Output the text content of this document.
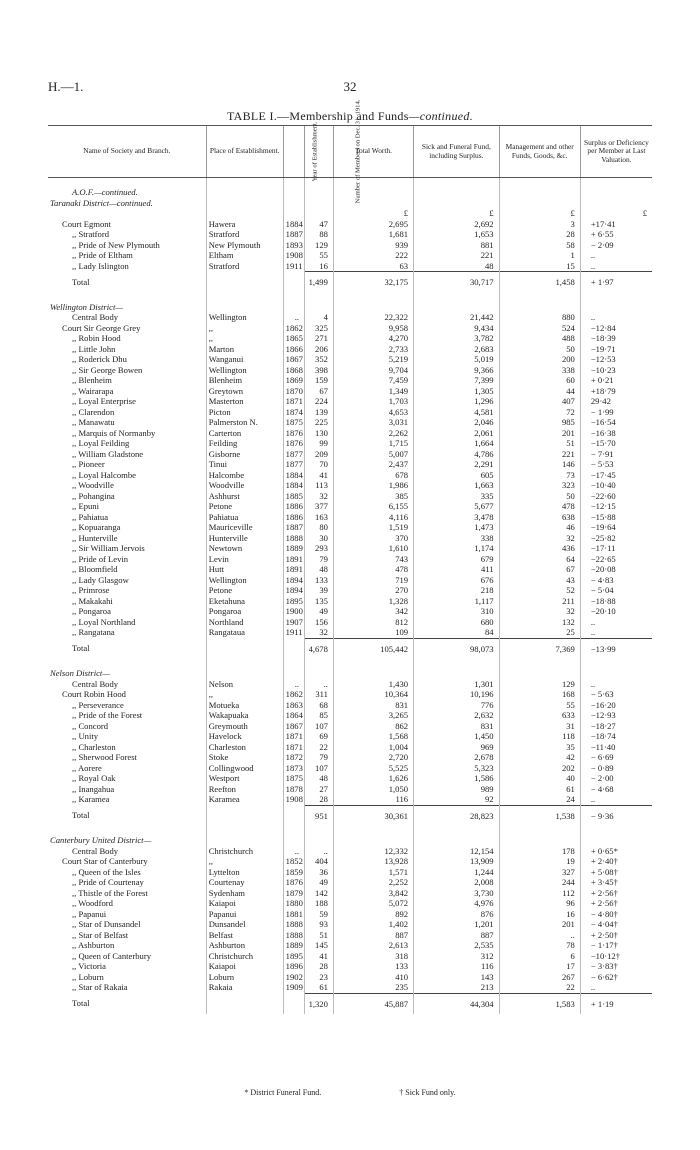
H.—1.	32
TABLE I.—Membership and Funds—continued.
Name of Society and Branch.	Place of Establishment.	Year of Establishment.	Number of Members on Dec. 31, 1914.	Total Worth.	Sick and Funeral Fund, including Surplus.	Management and other Funds, Goods, &c.	Surplus or Deficiency per Member at Last Valuation.

A.O.F.—continued.							
Taranaki District—continued.							
				£	£	£	£
Court Egmont	Hawera	1884	47	2,695	2,692	3	+17·41
,, Stratford	Stratford	1887	88	1,681	1,653	28	+ 6·55
,, Pride of New Plymouth	New Plymouth	1893	129	939	881	58	− 2·09
,, Pride of Eltham	Eltham	1908	55	222	221	1	..
,, Lady Islington	Stratford	1911	16	63	48	15	..
Total			1,499	32,175	30,717	1,458	+ 1·97

Wellington District—							
Central Body	Wellington	..	4	22,322	21,442	880	..
Court Sir George Grey	,,	1862	325	9,958	9,434	524	−12·84
,, Robin Hood	,,	1865	271	4,270	3,782	488	−18·39
,, Little John	Marton	1866	206	2,733	2,683	50	−19·71
,, Roderick Dhu	Wanganui	1867	352	5,219	5,019	200	−12·53
,, Sir George Bowen	Wellington	1868	398	9,704	9,366	338	−10·23
,, Blenheim	Blenheim	1869	159	7,459	7,399	60	+ 0·21
,, Wairarapa	Greytown	1870	67	1,349	1,305	44	+18·79
,, Loyal Enterprise	Masterton	1871	224	1,703	1,296	407	29·42
,, Clarendon	Picton	1874	139	4,653	4,581	72	− 1·99
,, Manawatu	Palmerston N.	1875	225	3,031	2,046	985	−16·54
,, Marquis of Normanby	Carterton	1876	130	2,262	2,061	201	−16·38
,, Loyal Feilding	Feilding	1876	99	1,715	1,664	51	−15·70
,, William Gladstone	Gisborne	1877	209	5,007	4,786	221	− 7·91
,, Pioneer	Tinui	1877	70	2,437	2,291	146	− 5·53
,, Loyal Halcombe	Halcombe	1884	41	678	605	73	−17·45
,, Woodville	Woodville	1884	113	1,986	1,663	323	−10·40
,, Pohangina	Ashhurst	1885	32	385	335	50	−22·60
,, Epuni	Petone	1886	377	6,155	5,677	478	−12·15
,, Pahiatua	Pahiatua	1886	163	4,116	3,478	638	−15·88
,, Kopuaranga	Mauriceville	1887	80	1,519	1,473	46	−19·64
,, Hunterville	Hunterville	1888	30	370	338	32	−25·82
,, Sir William Jervois	Newtown	1889	293	1,610	1,174	436	−17·11
,, Pride of Levin	Levin	1891	79	743	679	64	−22·65
,, Bloomfield	Hutt	1891	48	478	411	67	−20·08
,, Lady Glasgow	Wellington	1894	133	719	676	43	− 4·83
,, Primrose	Petone	1894	39	270	218	52	− 5·04
,, Makakahi	Eketahuna	1895	135	1,328	1,117	211	−18·88
,, Pongaroa	Pongaroa	1900	49	342	310	32	−20·10
,, Loyal Northland	Northland	1907	156	812	680	132	..
,, Rangatana	Rangataua	1911	32	109	84	25	..
Total			4,678	105,442	98,073	7,369	−13·99

Nelson District—							
Central Body	Nelson	..	..	1,430	1,301	129	..
Court Robin Hood	,,	1862	311	10,364	10,196	168	− 5·63
,, Perseverance	Motueka	1863	68	831	776	55	−16·20
,, Pride of the Forest	Wakapuaka	1864	85	3,265	2,632	633	−12·93
,, Concord	Greymouth	1867	107	862	831	31	−18·27
,, Unity	Havelock	1871	69	1,568	1,450	118	−18·74
,, Charleston	Charleston	1871	22	1,004	969	35	−11·40
,, Sherwood Forest	Stoke	1872	79	2,720	2,678	42	− 6·69
,, Aorere	Collingwood	1873	107	5,525	5,323	202	− 0·89
,, Royal Oak	Westport	1875	48	1,626	1,586	40	− 2·00
,, Inangahua	Reefton	1878	27	1,050	989	61	− 4·68
,, Karamea	Karamea	1908	28	116	92	24	..
Total			951	30,361	28,823	1,538	− 9·36

Canterbury United District—							
Central Body	Christchurch	..	..	12,332	12,154	178	+ 0·65*
Court Star of Canterbury	,,	1852	404	13,928	13,909	19	+ 2·40†
,, Queen of the Isles	Lyttelton	1859	36	1,571	1,244	327	+ 5·08†
,, Pride of Courtenay	Courtenay	1876	49	2,252	2,008	244	+ 3·45†
,, Thistle of the Forest	Sydenham	1879	142	3,842	3,730	112	+ 2·56†
,, Woodford	Kaiapoi	1880	188	5,072	4,976	96	+ 2·56†
,, Papanui	Papanui	1881	59	892	876	16	− 4·80†
,, Star of Dunsandel	Dunsandel	1888	93	1,402	1,201	201	− 4·04†
,, Star of Belfast	Belfast	1888	51	887	887	..	+ 2·50†
,, Ashburton	Ashburton	1889	145	2,613	2,535	78	− 1·17†
,, Queen of Canterbury	Christchurch	1895	41	318	312	6	−10·12†
,, Victoria	Kaiapoi	1896	28	133	116	17	− 3·83†
,, Loburn	Loburn	1902	23	410	143	267	− 6·62†
,, Star of Rakaia	Rakaia	1909	61	235	213	22	..
Total			1,320	45,887	44,304	1,583	+ 1·19
* District Funeral Fund.	† Sick Fund only.
